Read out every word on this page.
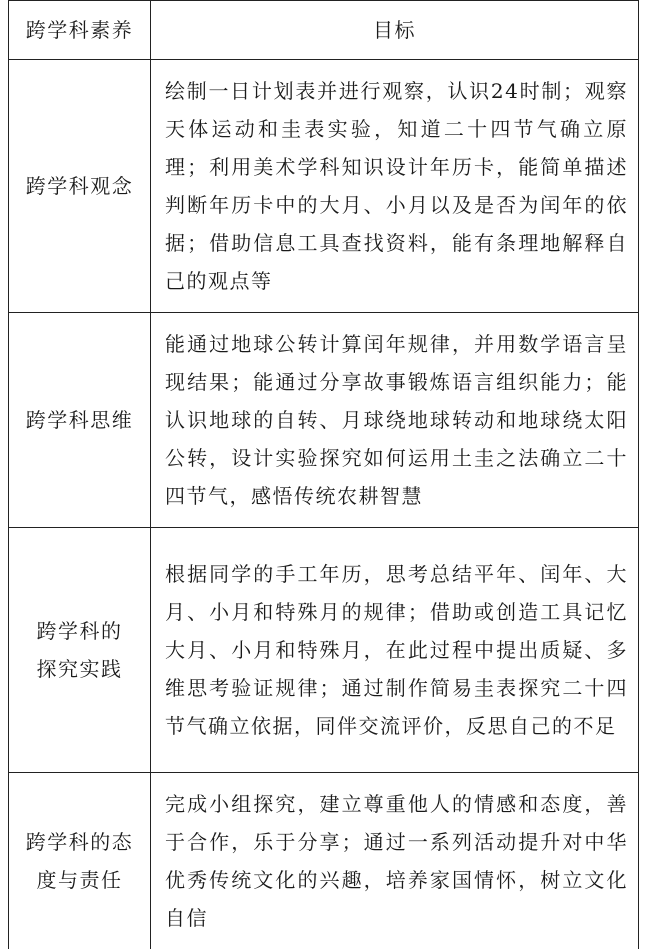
跨学科素养	目标

跨学科观念	绘制一日计划表并进行观察，认识24时制；观察天体运动和圭表实验，知道二十四节气确立原理；利用美术学科知识设计年历卡，能简单描述判断年历卡中的大月、小月以及是否为闰年的依据；借助信息工具查找资料，能有条理地解释自己的观点等

跨学科思维	能通过地球公转计算闰年规律，并用数学语言呈现结果；能通过分享故事锻炼语言组织能力；能认识地球的自转、月球绕地球转动和地球绕太阳公转，设计实验探究如何运用土圭之法确立二十四节气，感悟传统农耕智慧

跨学科的
探究实践	根据同学的手工年历，思考总结平年、闰年、大月、小月和特殊月的规律；借助或创造工具记忆大月、小月和特殊月，在此过程中提出质疑、多维思考验证规律；通过制作简易圭表探究二十四节气确立依据，同伴交流评价，反思自己的不足

跨学科的态
度与责任	完成小组探究，建立尊重他人的情感和态度，善于合作，乐于分享；通过一系列活动提升对中华优秀传统文化的兴趣，培养家国情怀，树立文化自信
